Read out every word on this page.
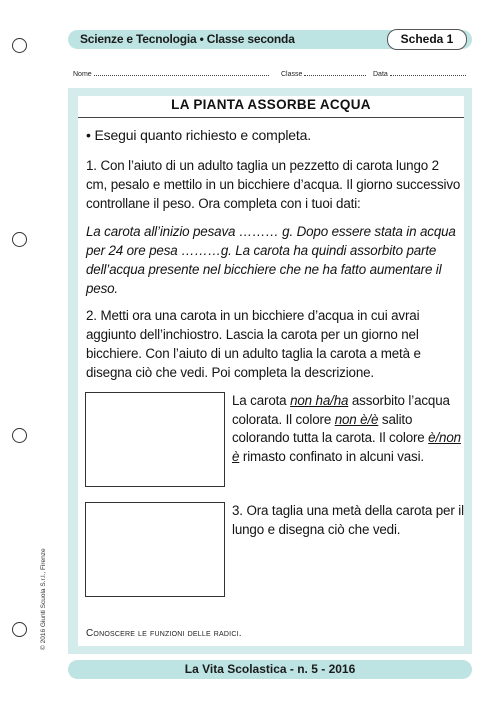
Scienze e Tecnologia • Classe seconda	Scheda 1
Nome	Classe	Data
LA PIANTA ASSORBE ACQUA
• Esegui quanto richiesto e completa.
1. Con l’aiuto di un adulto taglia un pezzetto di carota lungo 2 cm, pesalo e mettilo in un bicchiere d’acqua. Il giorno successivo controllane il peso. Ora completa con i tuoi dati:
La carota all’inizio pesava ……… g. Dopo essere stata in acqua per 24 ore pesa ………g. La carota ha quindi assorbito parte dell’acqua presente nel bicchiere che ne ha fatto aumentare il peso.
2. Metti ora una carota in un bicchiere d’acqua in cui avrai aggiunto dell’inchiostro. Lascia la carota per un giorno nel bicchiere. Con l’aiuto di un adulto taglia la carota a metà e disegna ciò che vedi. Poi completa la descrizione.
La carota non ha/ha assorbito l’acqua colorata. Il colore non è/è salito colorando tutta la carota. Il colore è/non è rimasto confinato in alcuni vasi.
3. Ora taglia una metà della carota per il lungo e disegna ciò che vedi.
Conoscere le funzioni delle radici.
© 2016 Giunti Scuola S.r.l., Firenze
La Vita Scolastica - n. 5 - 2016
